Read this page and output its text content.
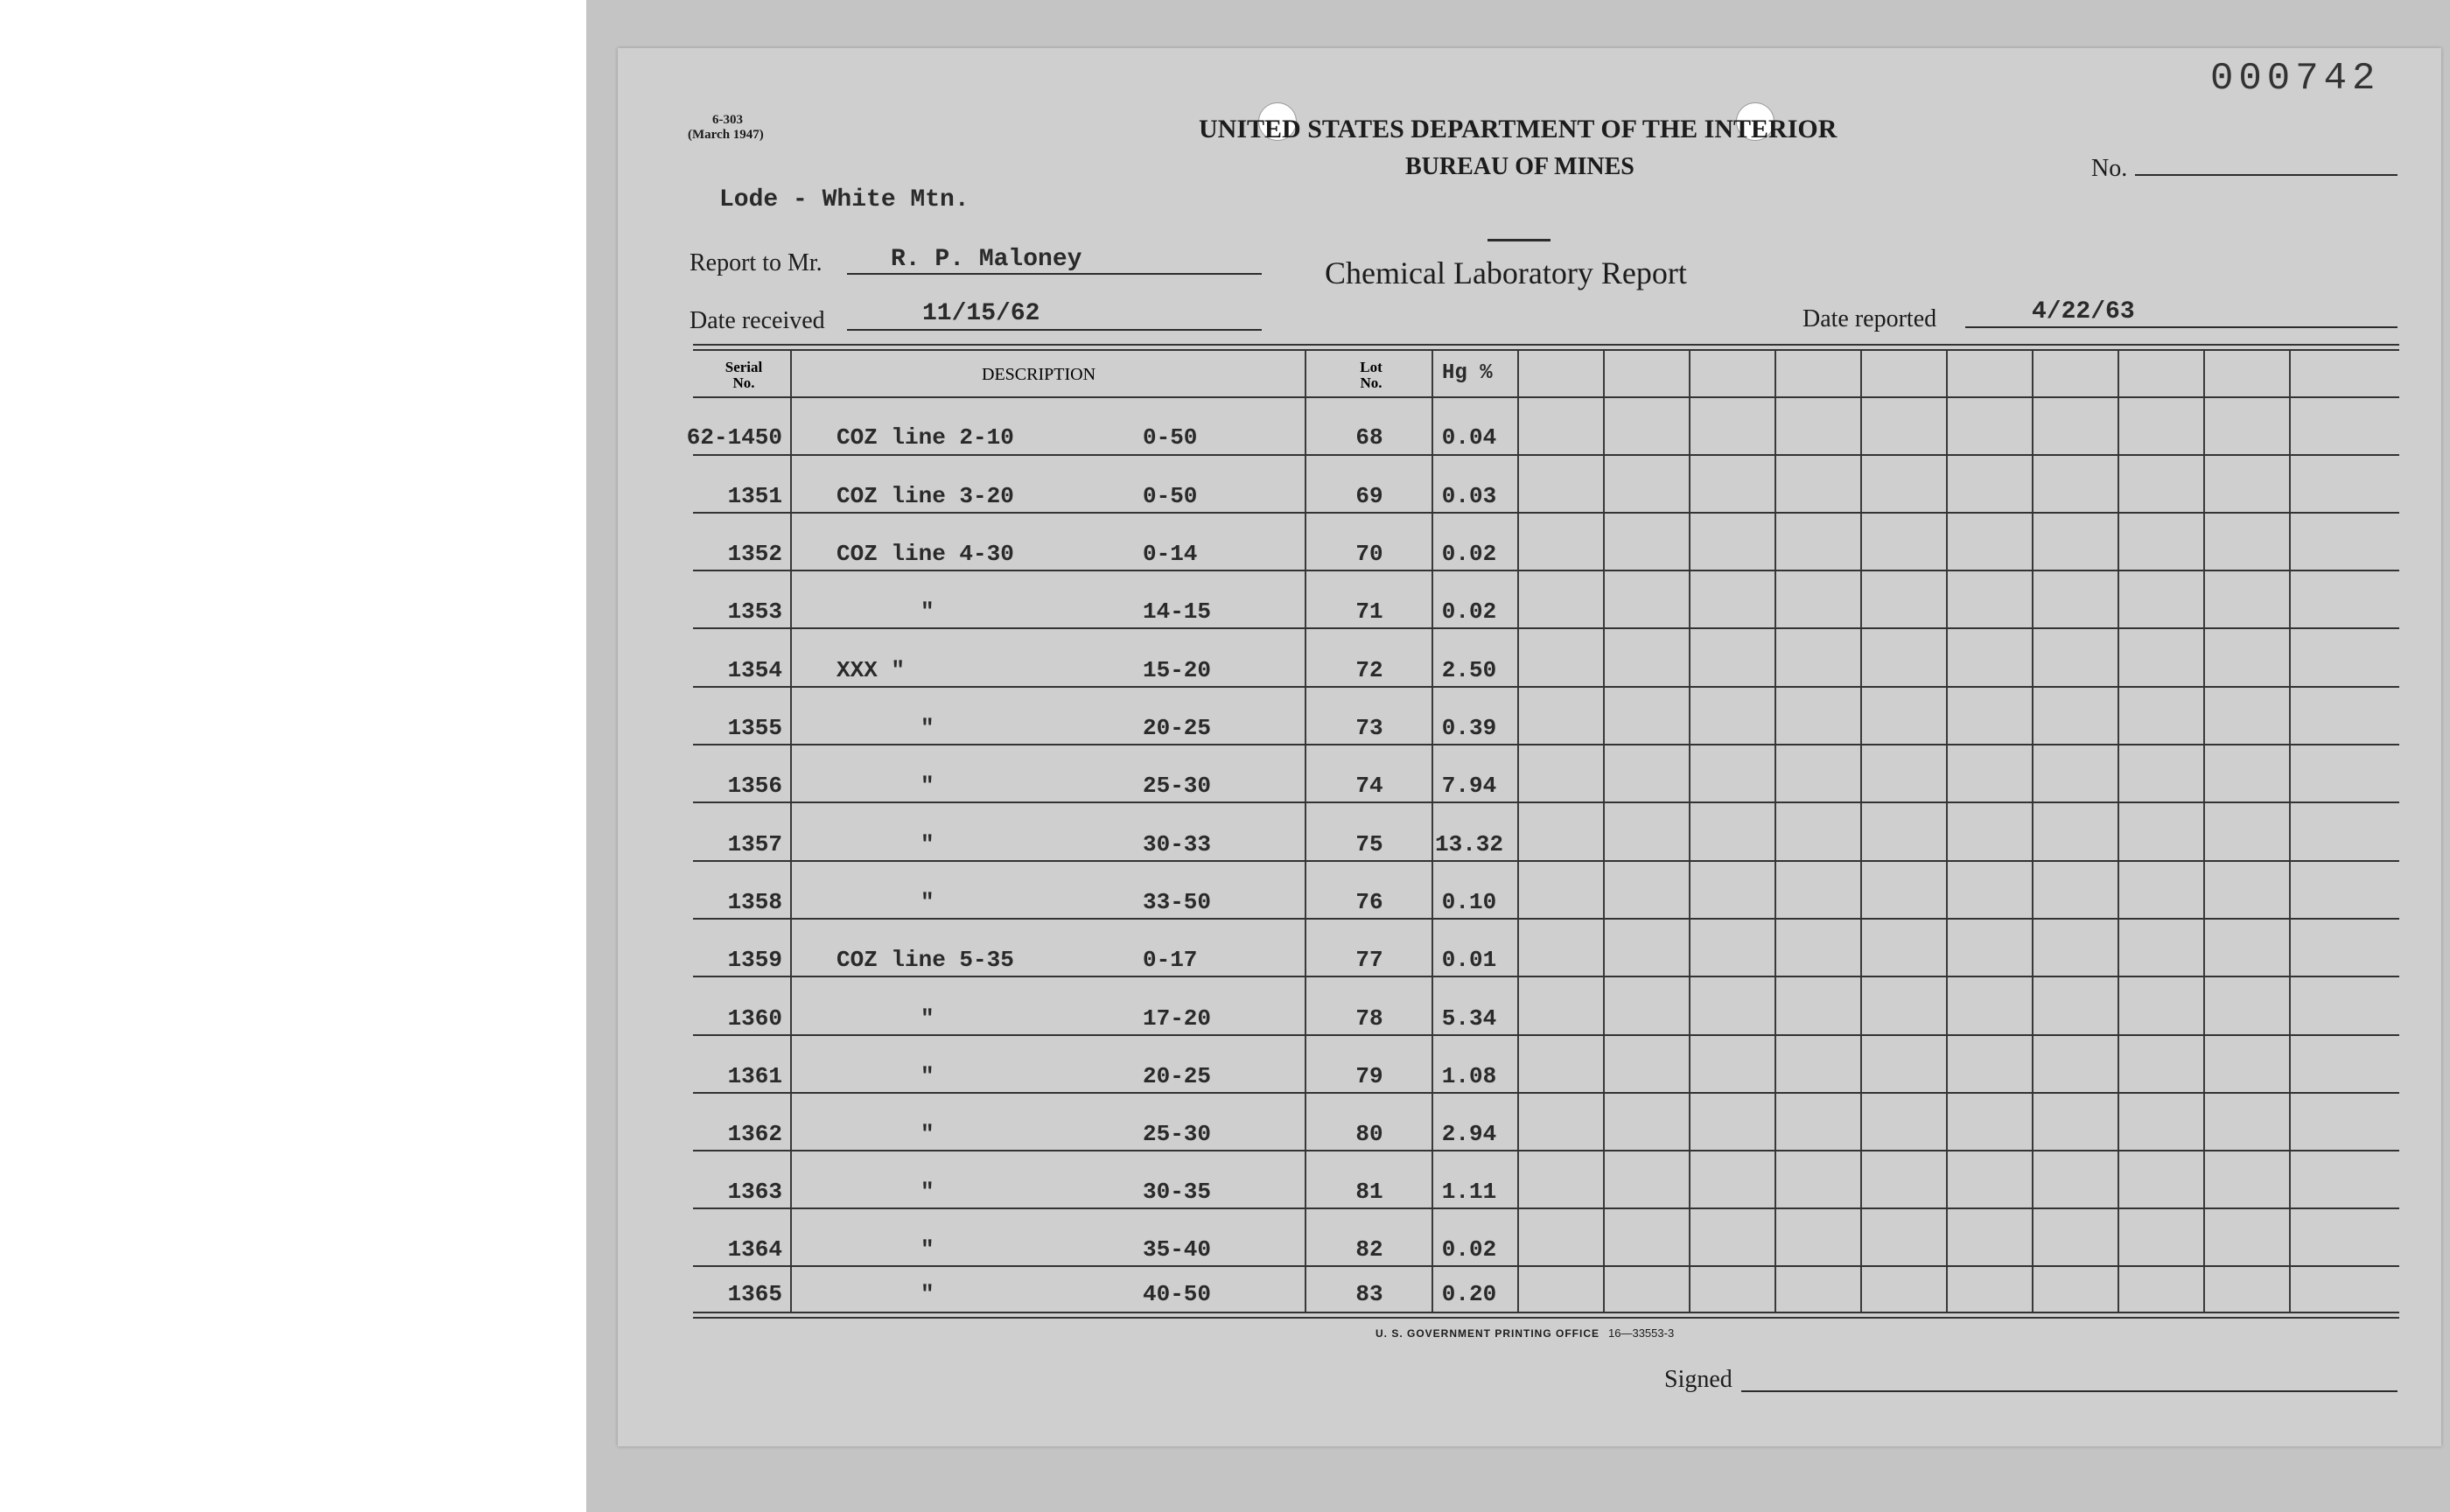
000742
6-303
(March 1947)	UNITED STATES DEPARTMENT OF THE INTERIOR
BUREAU OF MINES	No.
Lode - White Mtn.
Report to Mr.	R. P. Maloney	Chemical Laboratory Report
Date received	11/15/62	Date reported	4/22/63
Serial No.	DESCRIPTION	Lot No.	Hg %
62-1450 COZ line 2-10	0-50	68	0.04
1351 COZ line 3-20	0-50	69	0.03
1352 COZ line 4-30	0-14	70	0.02
1353	"	14-15	71	0.02
1354 XXX "	15-20	72	2.50
1355	"	20-25	73	0.39
1356	"	25-30	74	7.94
1357	"	30-33	75	13.32
1358	"	33-50	76	0.10
1359 COZ line 5-35	0-17	77	0.01
1360	"	17-20	78	5.34
1361	"	20-25	79	1.08
1362	"	25-30	80	2.94
1363	"	30-35	81	1.11
1364	"	35-40	82	0.02
1365	"	40-50	83	0.20
U. S. GOVERNMENT PRINTING OFFICE 16—33553-3
Signed
